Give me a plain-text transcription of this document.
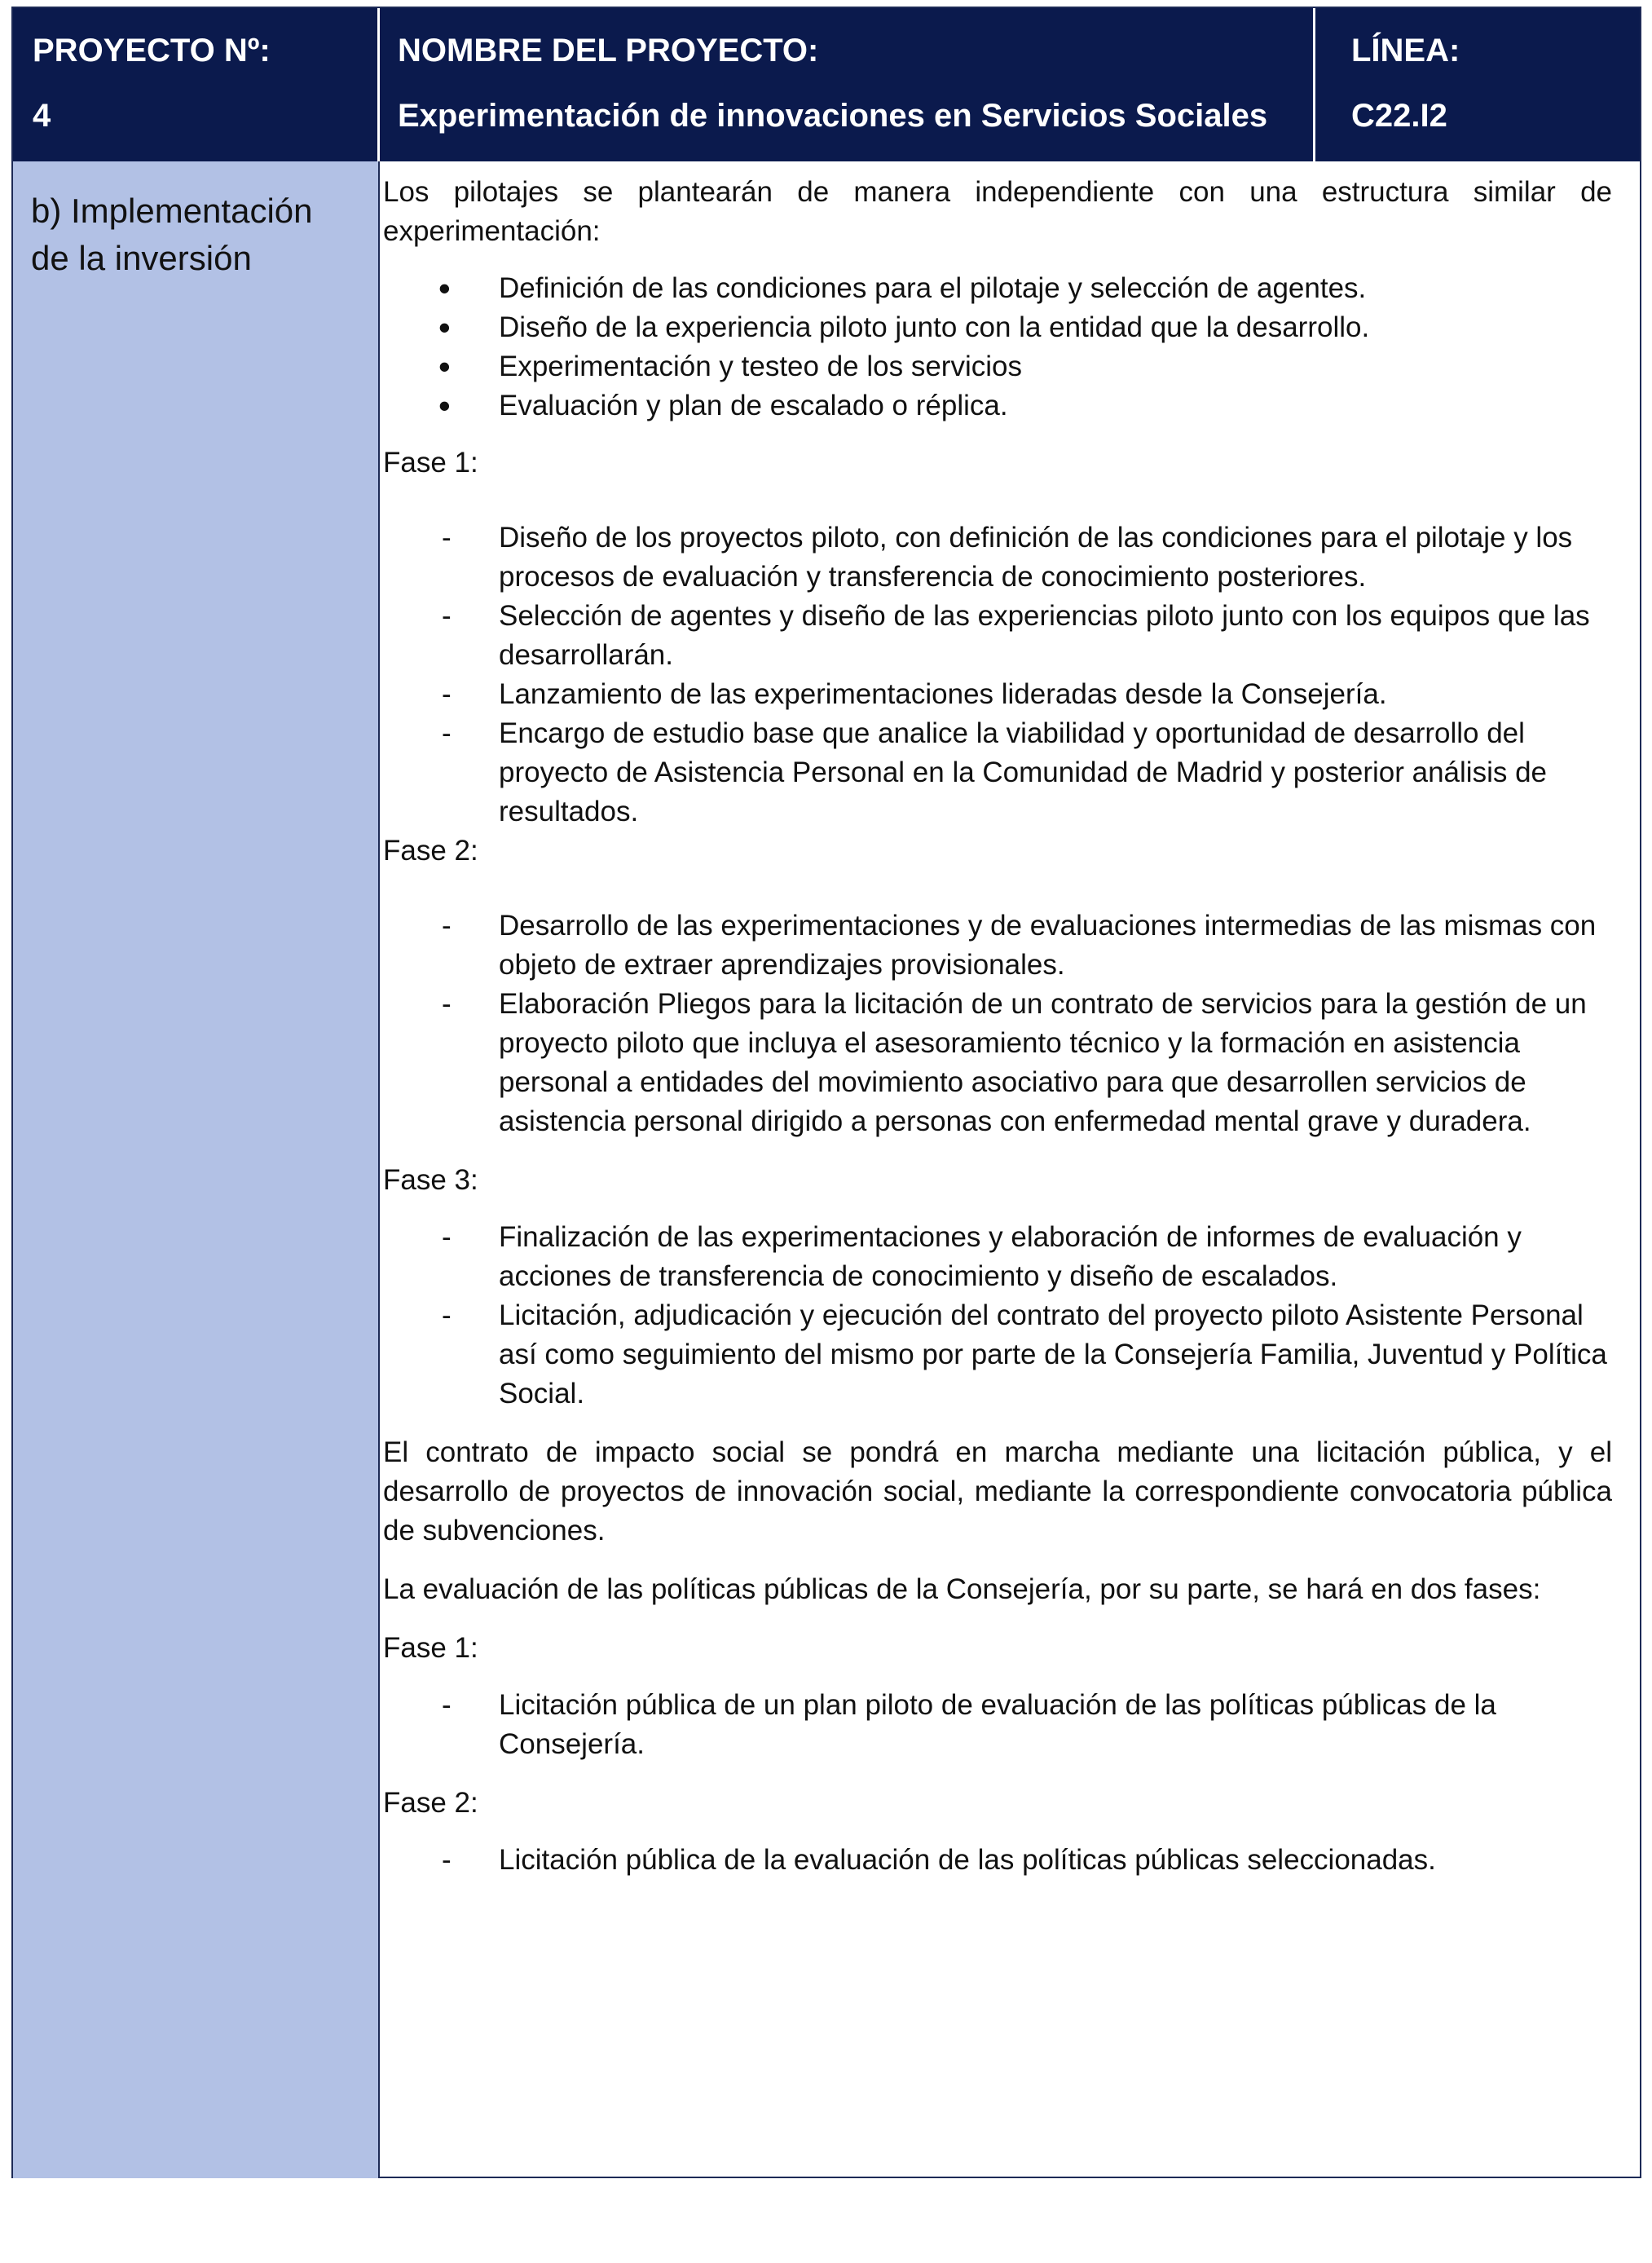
PROYECTO Nº:
4
NOMBRE DEL PROYECTO:
Experimentación de innovaciones en Servicios Sociales
LÍNEA:
C22.I2
b) Implementación de la inversión

Los pilotajes se plantearán de manera independiente con una estructura similar de experimentación:

• Definición de las condiciones para el pilotaje y selección de agentes.
• Diseño de la experiencia piloto junto con la entidad que la desarrollo.
• Experimentación y testeo de los servicios
• Evaluación y plan de escalado o réplica.

Fase 1:

- Diseño de los proyectos piloto, con definición de las condiciones para el pilotaje y los procesos de evaluación y transferencia de conocimiento posteriores.
- Selección de agentes y diseño de las experiencias piloto junto con los equipos que las desarrollarán.
- Lanzamiento de las experimentaciones lideradas desde la Consejería.
- Encargo de estudio base que analice la viabilidad y oportunidad de desarrollo del proyecto de Asistencia Personal en la Comunidad de Madrid y posterior análisis de resultados.

Fase 2:

- Desarrollo de las experimentaciones y de evaluaciones intermedias de las mismas con objeto de extraer aprendizajes provisionales.
- Elaboración Pliegos para la licitación de un contrato de servicios para la gestión de un proyecto piloto que incluya el asesoramiento técnico y la formación en asistencia personal a entidades del movimiento asociativo para que desarrollen servicios de asistencia personal dirigido a personas con enfermedad mental grave y duradera.

Fase 3:

- Finalización de las experimentaciones y elaboración de informes de evaluación y acciones de transferencia de conocimiento y diseño de escalados.
- Licitación, adjudicación y ejecución del contrato del proyecto piloto Asistente Personal así como seguimiento del mismo por parte de la Consejería Familia, Juventud y Política Social.

El contrato de impacto social se pondrá en marcha mediante una licitación pública, y el desarrollo de proyectos de innovación social, mediante la correspondiente convocatoria pública de subvenciones.

La evaluación de las políticas públicas de la Consejería, por su parte, se hará en dos fases:

Fase 1:

- Licitación pública de un plan piloto de evaluación de las políticas públicas de la Consejería.

Fase 2:

- Licitación pública de la evaluación de las políticas públicas seleccionadas.
